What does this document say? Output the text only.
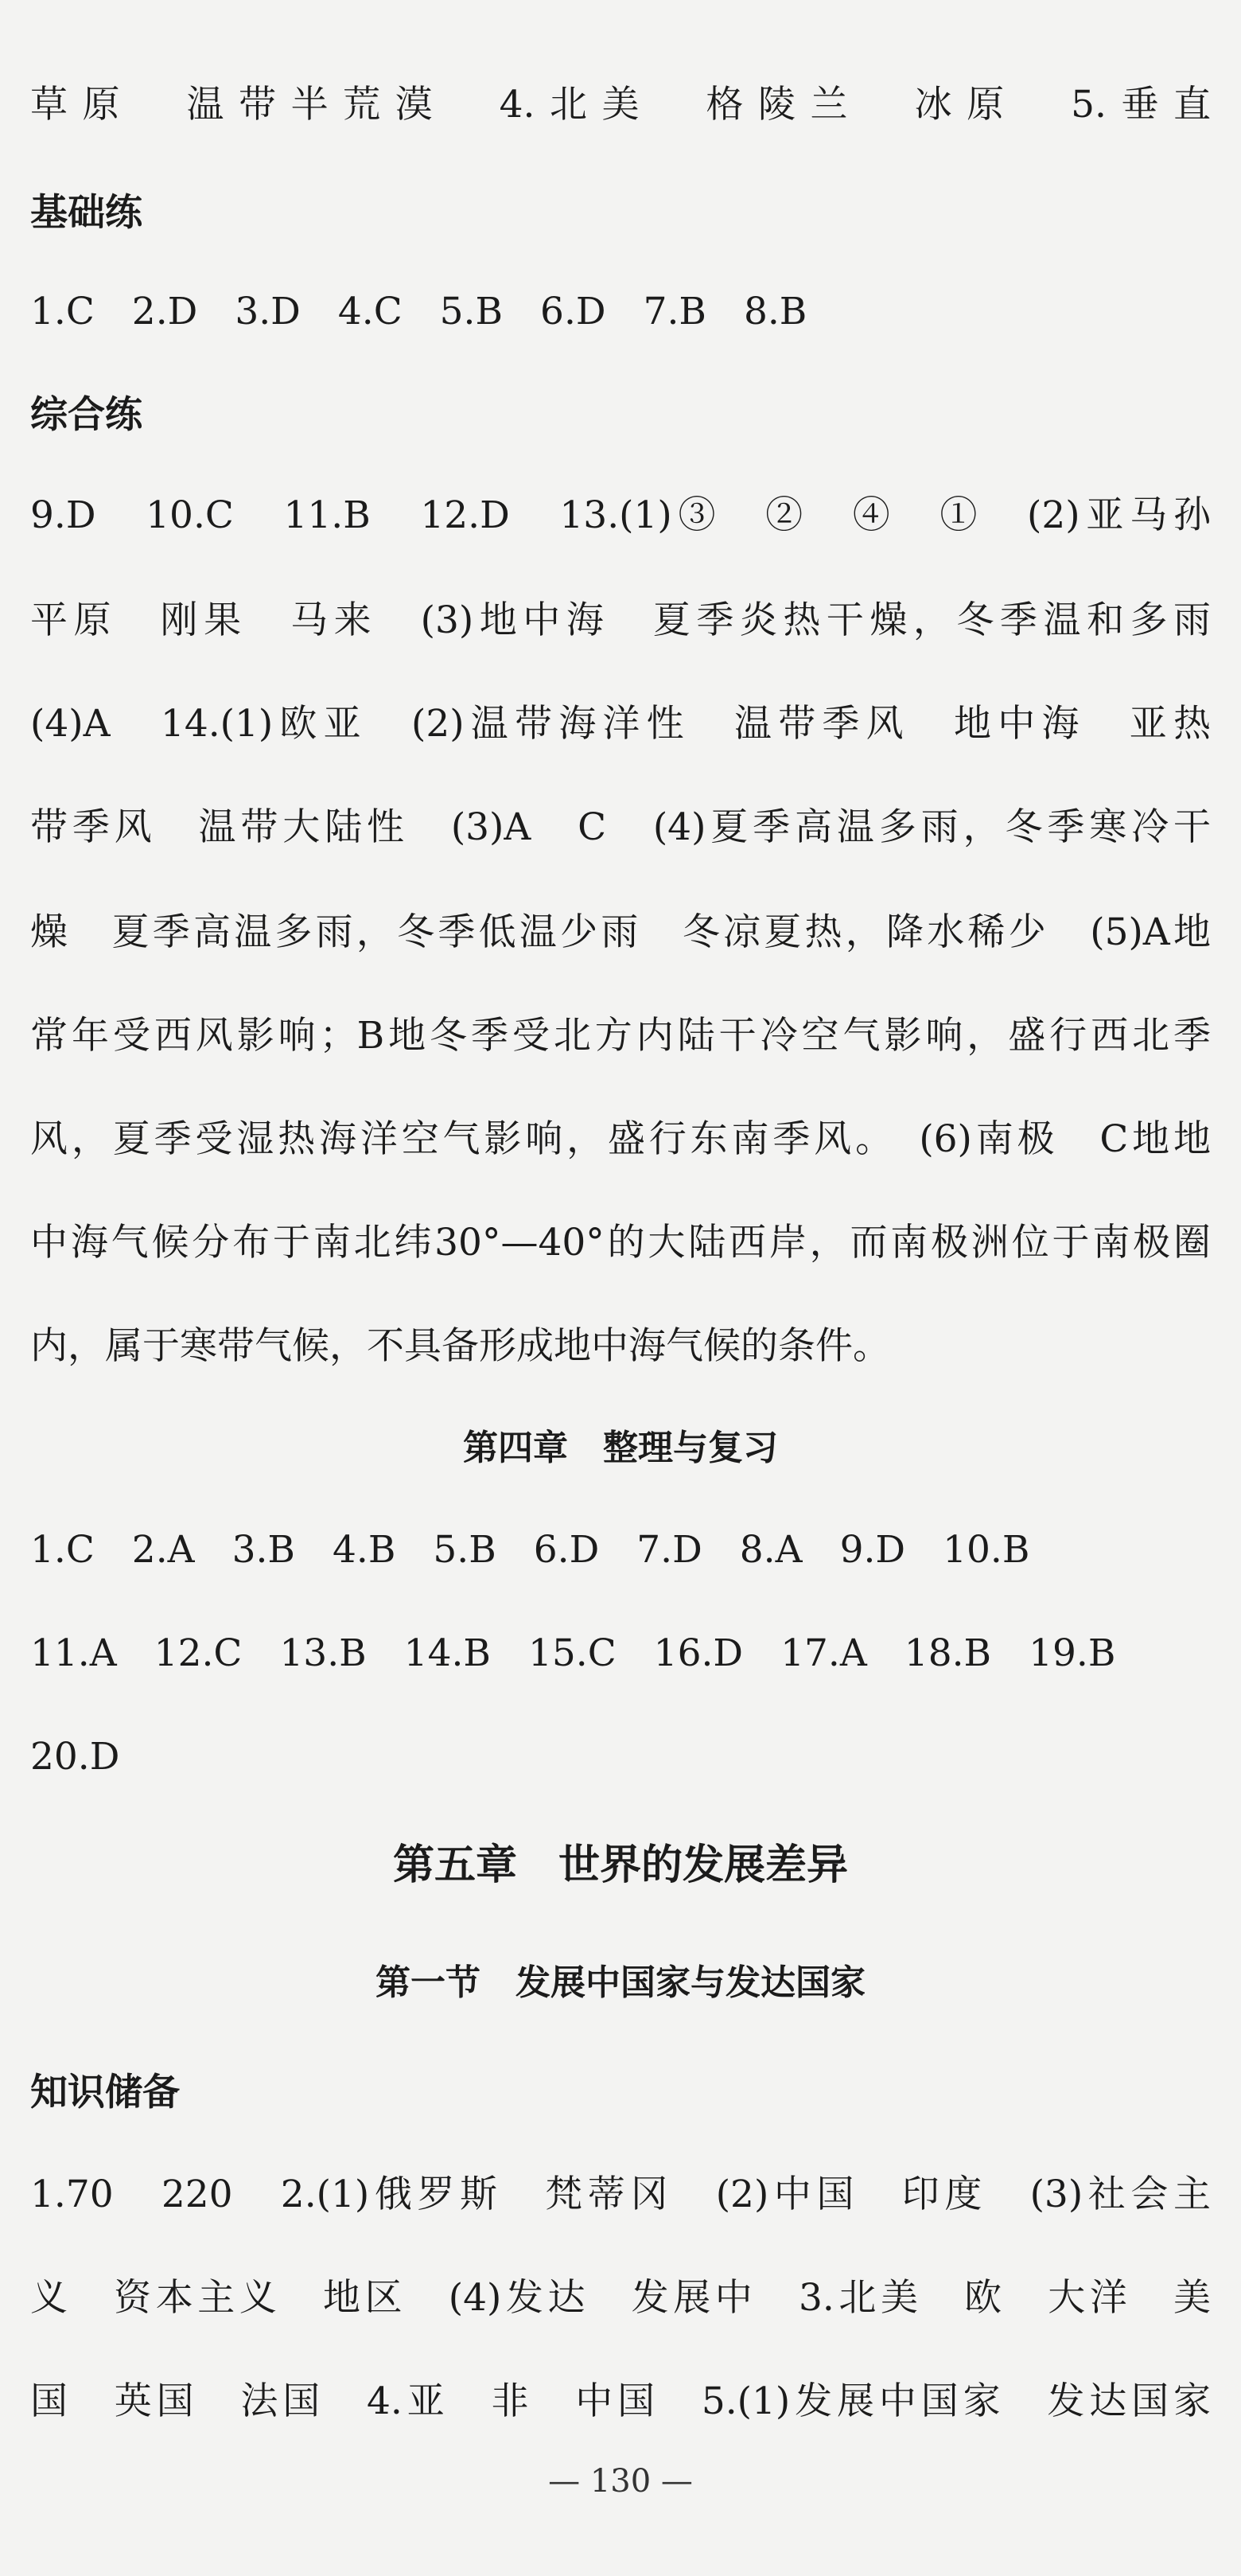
草原　温带半荒漠　4.北美　格陵兰　冰原　5.垂直
基础练
1.C　2.D　3.D　4.C　5.B　6.D　7.B　8.B
综合练
9.D　10.C　11.B　12.D　13.(1)③　②　④　①　(2)亚马孙
平原　刚果　马来　(3)地中海　夏季炎热干燥，冬季温和多雨
(4)A　14.(1)欧亚　(2)温带海洋性　温带季风　地中海　亚热
带季风　温带大陆性　(3)A　C　(4)夏季高温多雨，冬季寒冷干
燥　夏季高温多雨，冬季低温少雨　冬凉夏热，降水稀少　(5)A地
常年受西风影响；B地冬季受北方内陆干冷空气影响，盛行西北季
风，夏季受湿热海洋空气影响，盛行东南季风。　(6)南极　C地地
中海气候分布于南北纬30°—40°的大陆西岸，而南极洲位于南极圈
内，属于寒带气候，不具备形成地中海气候的条件。
第四章　整理与复习
1.C　2.A　3.B　4.B　5.B　6.D　7.D　8.A　9.D　10.B
11.A　12.C　13.B　14.B　15.C　16.D　17.A　18.B　19.B
20.D
第五章　世界的发展差异
第一节　发展中国家与发达国家
知识储备
1.70　220　2.(1)俄罗斯　梵蒂冈　(2)中国　印度　(3)社会主
义　资本主义　地区　(4)发达　发展中　3.北美　欧　大洋　美
国　英国　法国　4.亚　非　中国　5.(1)发展中国家　发达国家
— 130 —
